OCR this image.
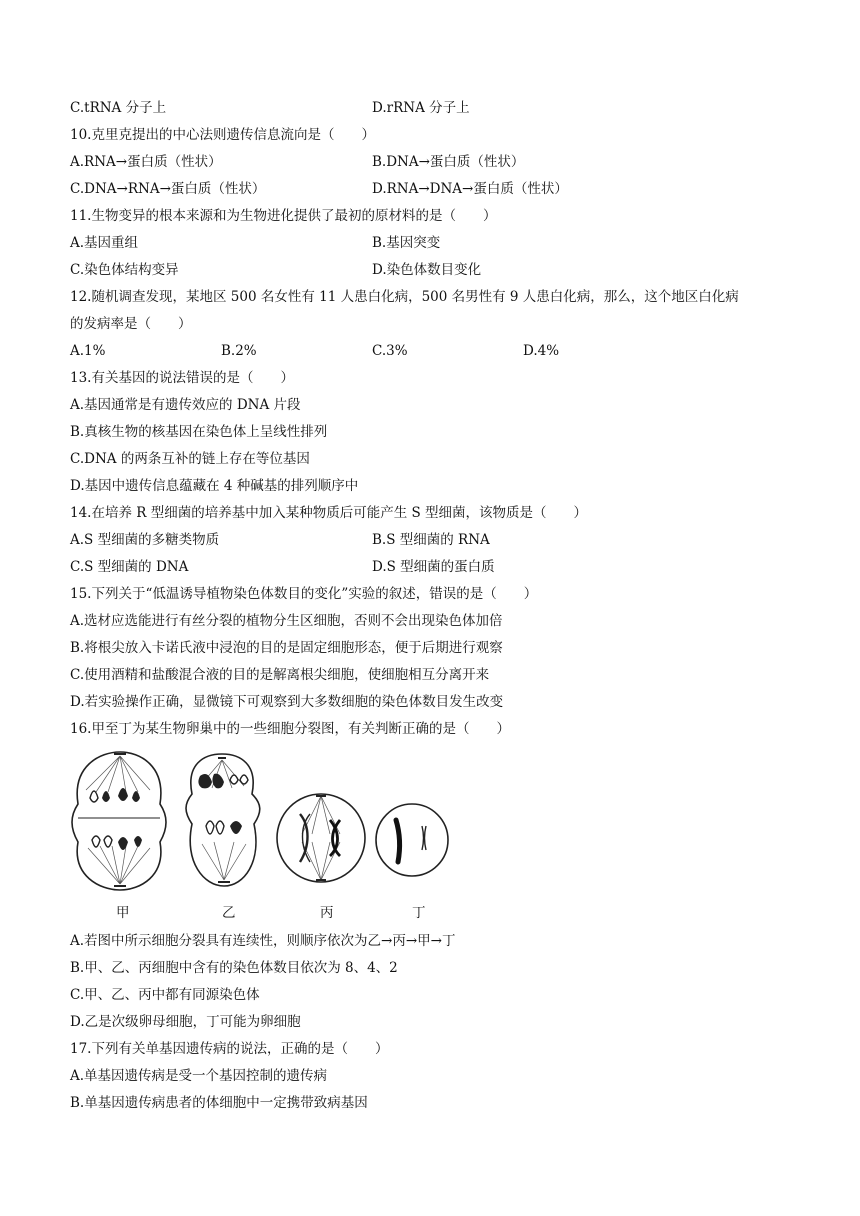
C.tRNA 分子上	D.rRNA 分子上
10.克里克提出的中心法则遗传信息流向是（　　）
A.RNA→蛋白质（性状）	B.DNA→蛋白质（性状）
C.DNA→RNA→蛋白质（性状）	D.RNA→DNA→蛋白质（性状）
11.生物变异的根本来源和为生物进化提供了最初的原材料的是（　　）
A.基因重组	B.基因突变
C.染色体结构变异	D.染色体数目变化
12.随机调查发现，某地区 500 名女性有 11 人患白化病，500 名男性有 9 人患白化病，那么，这个地区白化病
的发病率是（　　）
A.1%	B.2%	C.3%	D.4%
13.有关基因的说法错误的是（　　）
A.基因通常是有遗传效应的 DNA 片段
B.真核生物的核基因在染色体上呈线性排列
C.DNA 的两条互补的链上存在等位基因
D.基因中遗传信息蕴藏在 4 种碱基的排列顺序中
14.在培养 R 型细菌的培养基中加入某种物质后可能产生 S 型细菌，该物质是（　　）
A.S 型细菌的多糖类物质	B.S 型细菌的 RNA
C.S 型细菌的 DNA	D.S 型细菌的蛋白质
15.下列关于“低温诱导植物染色体数目的变化”实验的叙述，错误的是（　　）
A.选材应选能进行有丝分裂的植物分生区细胞，否则不会出现染色体加倍
B.将根尖放入卡诺氏液中浸泡的目的是固定细胞形态，便于后期进行观察
C.使用酒精和盐酸混合液的目的是解离根尖细胞，使细胞相互分离开来
D.若实验操作正确，显微镜下可观察到大多数细胞的染色体数目发生改变
16.甲至丁为某生物卵巢中的一些细胞分裂图，有关判断正确的是（　　）
甲	乙	丙	丁
A.若图中所示细胞分裂具有连续性，则顺序依次为乙→丙→甲→丁
B.甲、乙、丙细胞中含有的染色体数目依次为 8、4、2
C.甲、乙、丙中都有同源染色体
D.乙是次级卵母细胞，丁可能为卵细胞
17.下列有关单基因遗传病的说法，正确的是（　　）
A.单基因遗传病是受一个基因控制的遗传病
B.单基因遗传病患者的体细胞中一定携带致病基因
